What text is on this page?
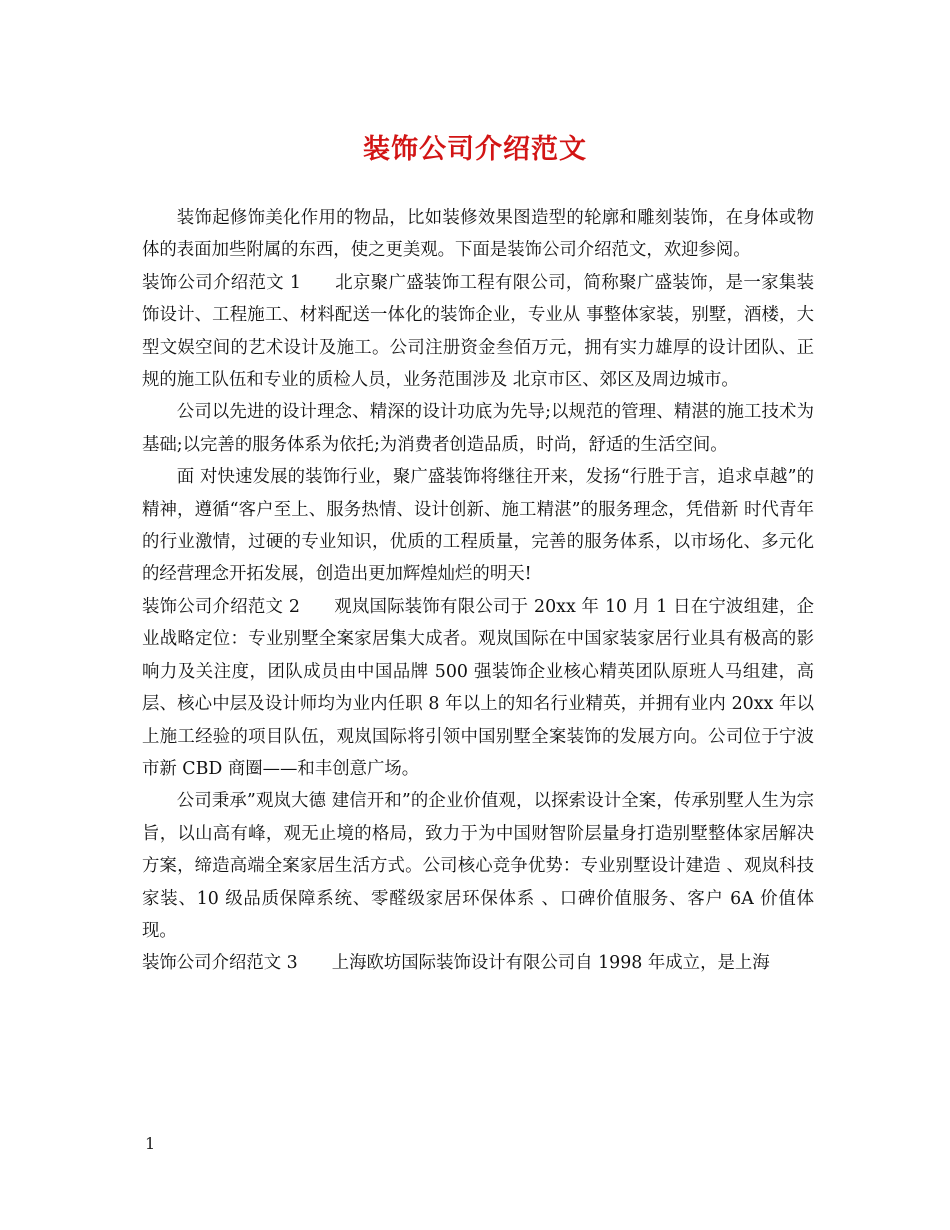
装饰公司介绍范文

装饰起修饰美化作用的物品，比如装修效果图造型的轮廓和雕刻装饰，在身体或物体的表面加些附属的东西，使之更美观。下面是装饰公司介绍范文，欢迎参阅。

装饰公司介绍范文 1 北京聚广盛装饰工程有限公司，简称聚广盛装饰，是一家集装饰设计、工程施工、材料配送一体化的装饰企业，专业从 事整体家装，别墅，酒楼，大型文娱空间的艺术设计及施工。公司注册资金叁佰万元，拥有实力雄厚的设计团队、正规的施工队伍和专业的质检人员，业务范围涉及 北京市区、郊区及周边城市。

公司以先进的设计理念、精深的设计功底为先导;以规范的管理、精湛的施工技术为基础;以完善的服务体系为依托;为消费者创造品质，时尚，舒适的生活空间。

面 对快速发展的装饰行业，聚广盛装饰将继往开来，发扬“行胜于言，追求卓越”的精神，遵循“客户至上、服务热情、设计创新、施工精湛”的服务理念，凭借新 时代青年的行业激情，过硬的专业知识，优质的工程质量，完善的服务体系，以市场化、多元化的经营理念开拓发展，创造出更加辉煌灿烂的明天!

装饰公司介绍范文 2 观岚国际装饰有限公司于 20xx 年 10 月 1 日在宁波组建，企业战略定位：专业别墅全案家居集大成者。观岚国际在中国家装家居行业具有极高的影响力及关注度，团队成员由中国品牌 500 强装饰企业核心精英团队原班人马组建，高层、核心中层及设计师均为业内任职 8 年以上的知名行业精英，并拥有业内 20xx 年以上施工经验的项目队伍，观岚国际将引领中国别墅全案装饰的发展方向。公司位于宁波市新 CBD 商圈——和丰创意广场。

公司秉承”观岚大德 建信开和”的企业价值观，以探索设计全案，传承别墅人生为宗旨，以山高有峰，观无止境的格局，致力于为中国财智阶层量身打造别墅整体家居解决方案，缔造高端全案家居生活方式。公司核心竞争优势：专业别墅设计建造 、观岚科技家装、10 级品质保障系统、零醛级家居环保体系 、口碑价值服务、客户 6A 价值体现。

装饰公司介绍范文 3 上海欧坊国际装饰设计有限公司自 1998 年成立，是上海

1
